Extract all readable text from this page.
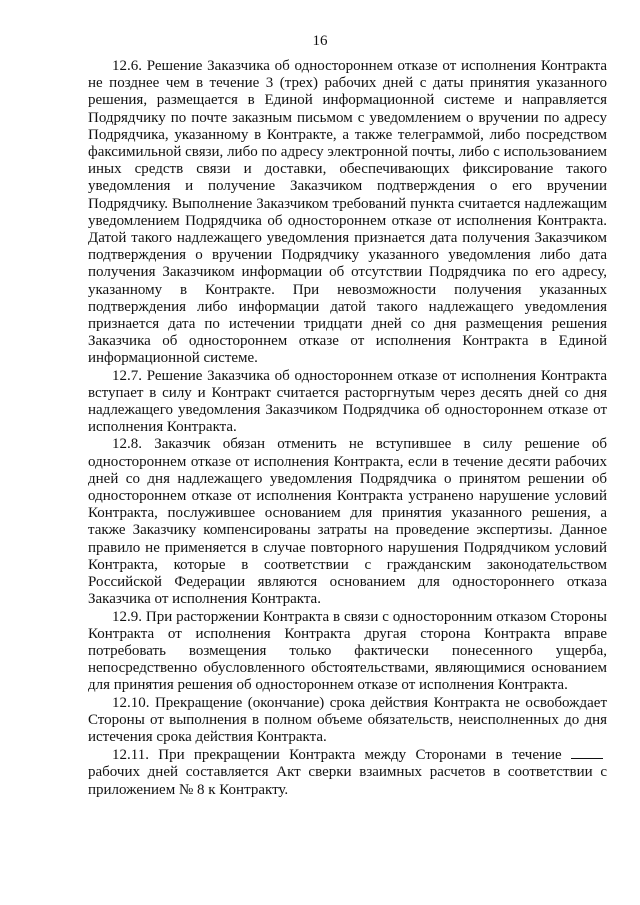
16

12.6. Решение Заказчика об одностороннем отказе от исполнения Контракта не позднее чем в течение 3 (трех) рабочих дней с даты принятия указанного решения, размещается в Единой информационной системе и направляется Подрядчику по почте заказным письмом с уведомлением о вручении по адресу Подрядчика, указанному в Контракте, а также телеграммой, либо посредством факсимильной связи, либо по адресу электронной почты, либо с использованием иных средств связи и доставки, обеспечивающих фиксирование такого уведомления и получение Заказчиком подтверждения о его вручении Подрядчику. Выполнение Заказчиком требований пункта считается надлежащим уведомлением Подрядчика об одностороннем отказе от исполнения Контракта. Датой такого надлежащего уведомления признается дата получения Заказчиком подтверждения о вручении Подрядчику указанного уведомления либо дата получения Заказчиком информации об отсутствии Подрядчика по его адресу, указанному в Контракте. При невозможности получения указанных подтверждения либо информации датой такого надлежащего уведомления признается дата по истечении тридцати дней со дня размещения решения Заказчика об одностороннем отказе от исполнения Контракта в Единой информационной системе.

12.7. Решение Заказчика об одностороннем отказе от исполнения Контракта вступает в силу и Контракт считается расторгнутым через десять дней со дня надлежащего уведомления Заказчиком Подрядчика об одностороннем отказе от исполнения Контракта.

12.8. Заказчик обязан отменить не вступившее в силу решение об одностороннем отказе от исполнения Контракта, если в течение десяти рабочих дней со дня надлежащего уведомления Подрядчика о принятом решении об одностороннем отказе от исполнения Контракта устранено нарушение условий Контракта, послужившее основанием для принятия указанного решения, а также Заказчику компенсированы затраты на проведение экспертизы. Данное правило не применяется в случае повторного нарушения Подрядчиком условий Контракта, которые в соответствии с гражданским законодательством Российской Федерации являются основанием для одностороннего отказа Заказчика от исполнения Контракта.

12.9. При расторжении Контракта в связи с односторонним отказом Стороны Контракта от исполнения Контракта другая сторона Контракта вправе потребовать возмещения только фактически понесенного ущерба, непосредственно обусловленного обстоятельствами, являющимися основанием для принятия решения об одностороннем отказе от исполнения Контракта.

12.10. Прекращение (окончание) срока действия Контракта не освобождает Стороны от выполнения в полном объеме обязательств, неисполненных до дня истечения срока действия Контракта.

12.11. При прекращении Контракта между Сторонами в течение рабочих дней составляется Акт сверки взаимных расчетов в соответствии с приложением № 8 к Контракту.
